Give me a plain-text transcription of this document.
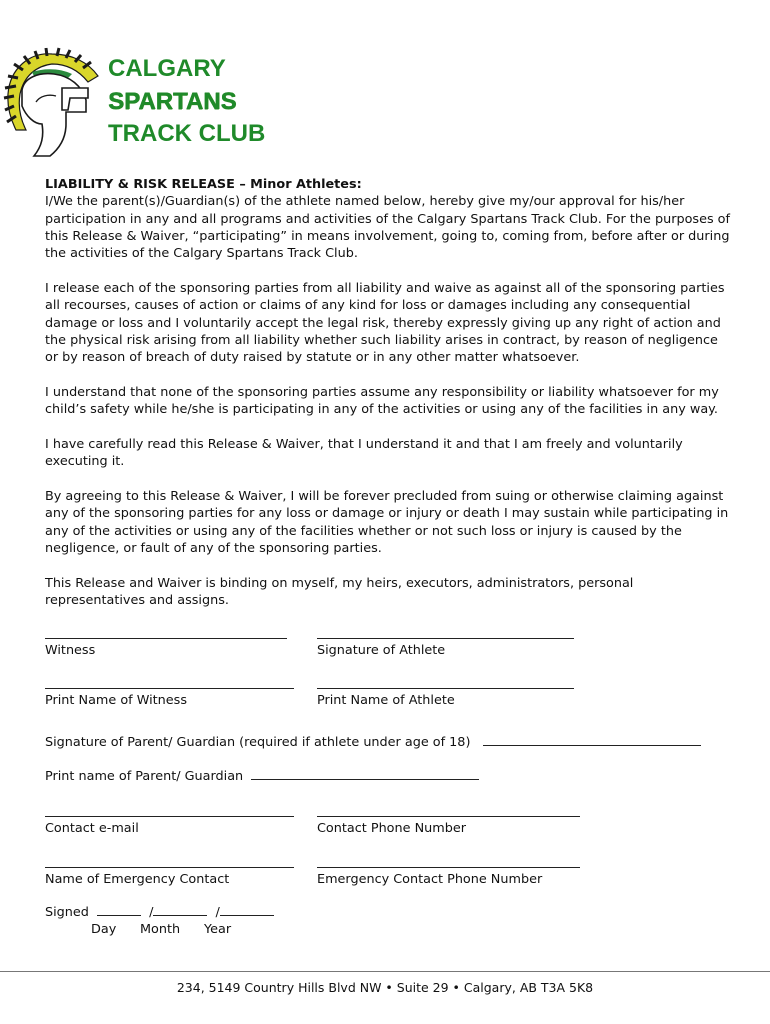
CALGARY
SPARTANS
TRACK CLUB

LIABILITY & RISK RELEASE – Minor Athletes:

I/We the parent(s)/Guardian(s) of the athlete named below, hereby give my/our approval for his/her participation in any and all programs and activities of the Calgary Spartans Track Club. For the purposes of this Release & Waiver, “participating” in means involvement, going to, coming from, before after or during the activities of the Calgary Spartans Track Club.

I release each of the sponsoring parties from all liability and waive as against all of the sponsoring parties all recourses, causes of action or claims of any kind for loss or damages including any consequential damage or loss and I voluntarily accept the legal risk, thereby expressly giving up any right of action and the physical risk arising from all liability whether such liability arises in contract, by reason of negligence or by reason of breach of duty raised by statute or in any other matter whatsoever.
I understand that none of the sponsoring parties assume any responsibility or liability whatsoever for my child’s safety while he/she is participating in any of the activities or using any of the facilities in any way.
I have carefully read this Release & Waiver, that I understand it and that I am freely and voluntarily executing it.
By agreeing to this Release & Waiver, I will be forever precluded from suing or otherwise claiming against any of the sponsoring parties for any loss or damage or injury or death I may sustain while participating in any of the activities or using any of the facilities whether or not such loss or injury is caused by the negligence, or fault of any of the sponsoring parties.
This Release and Waiver is binding on myself, my heirs, executors, administrators, personal representatives and assigns.
Witness	Signature of Athlete
Print Name of Witness	Print Name of Athlete
Signature of Parent/ Guardian (required if athlete under age of 18)
Print name of Parent/ Guardian
Contact e-mail	Contact Phone Number
Name of Emergency Contact	Emergency Contact Phone Number
Signed	/	/
Day Month Year
234, 5149 Country Hills Blvd NW • Suite 29 • Calgary, AB T3A 5K8
